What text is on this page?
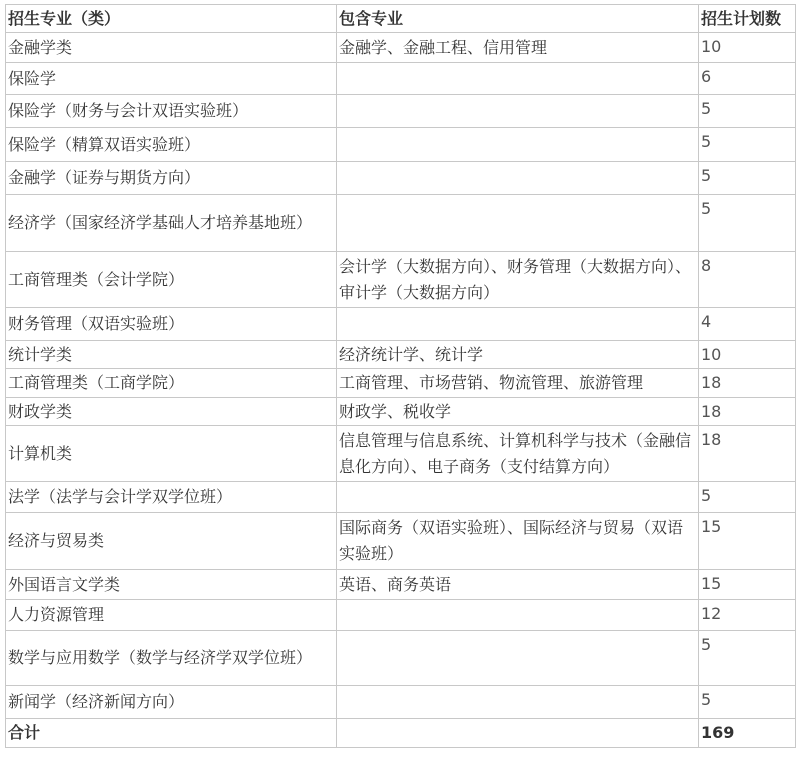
招生专业（类）	包含专业	招生计划数
金融学类	金融学、金融工程、信用管理	10
保险学		6
保险学（财务与会计双语实验班）		5
保险学（精算双语实验班）		5
金融学（证券与期货方向）		5
经济学（国家经济学基础人才培养基地班）		5
工商管理类（会计学院）	会计学（大数据方向）、财务管理（大数据方向）、审计学（大数据方向）	8
财务管理（双语实验班）		4
统计学类	经济统计学、统计学	10
工商管理类（工商学院）	工商管理、市场营销、物流管理、旅游管理	18
财政学类	财政学、税收学	18
计算机类	信息管理与信息系统、计算机科学与技术（金融信息化方向）、电子商务（支付结算方向）	18
法学（法学与会计学双学位班）		5
经济与贸易类	国际商务（双语实验班）、国际经济与贸易（双语实验班）	15
外国语言文学类	英语、商务英语	15
人力资源管理		12
数学与应用数学（数学与经济学双学位班）		5
新闻学（经济新闻方向）		5
合计		169
